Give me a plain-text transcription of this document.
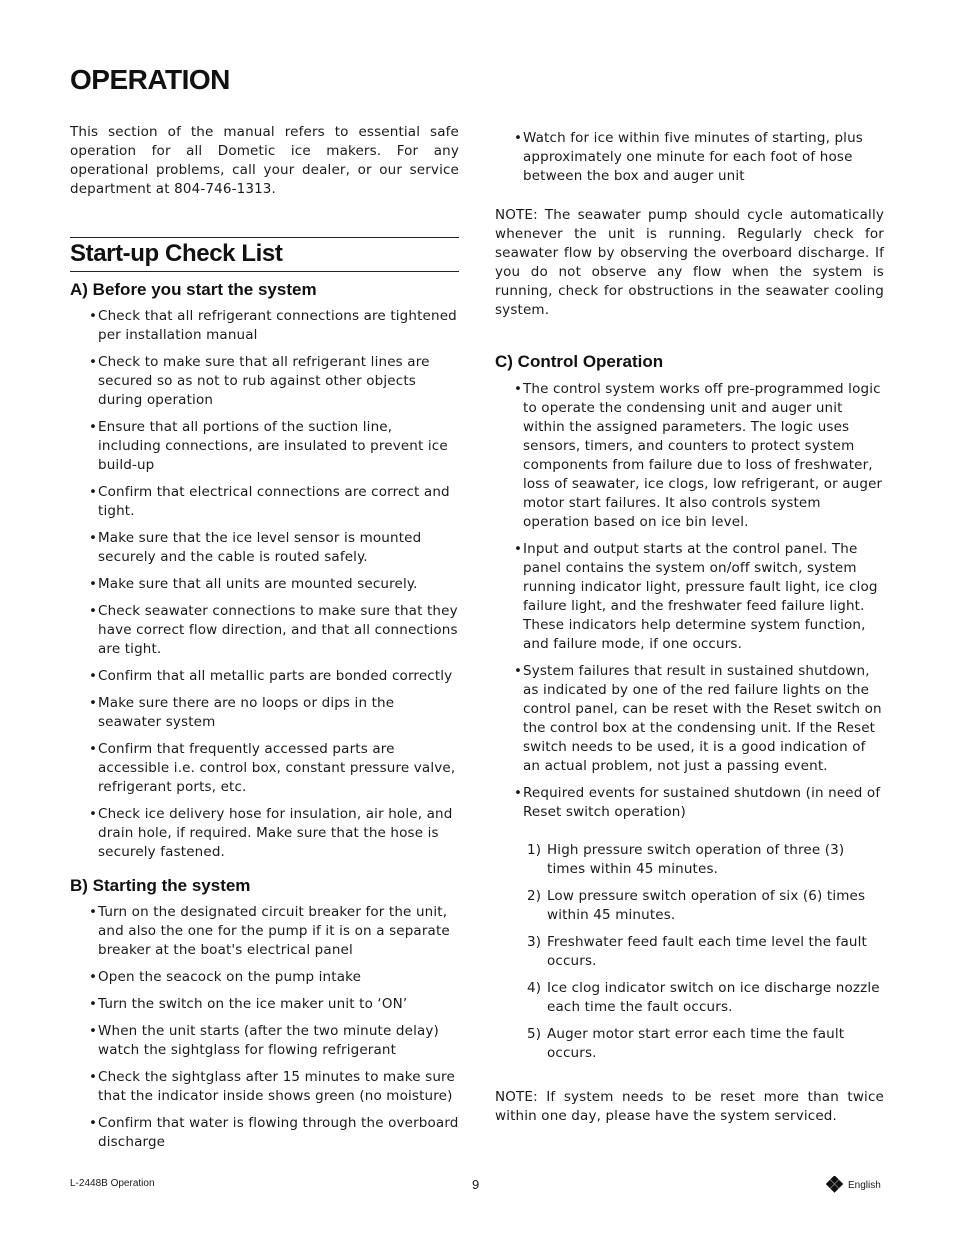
OPERATION

This section of the manual refers to essential safe operation for all Dometic ice makers. For any operational problems, call your dealer, or our service department at 804-746-1313.

Start-up Check List
A) Before you start the system
• Check that all refrigerant connections are tightened per installation manual
• Check to make sure that all refrigerant lines are secured so as not to rub against other objects during operation
• Ensure that all portions of the suction line, including connections, are insulated to prevent ice build-up
• Confirm that electrical connections are correct and tight.
• Make sure that the ice level sensor is mounted securely and the cable is routed safely.
• Make sure that all units are mounted securely.
• Check seawater connections to make sure that they have correct flow direction, and that all connections are tight.
• Confirm that all metallic parts are bonded correctly
• Make sure there are no loops or dips in the seawater system
• Confirm that frequently accessed parts are accessible i.e. control box, constant pressure valve, refrigerant ports, etc.
• Check ice delivery hose for insulation, air hole, and drain hole, if required. Make sure that the hose is securely fastened.
B) Starting the system
• Turn on the designated circuit breaker for the unit, and also the one for the pump if it is on a separate breaker at the boat's electrical panel
• Open the seacock on the pump intake
• Turn the switch on the ice maker unit to ‘ON’
• When the unit starts (after the two minute delay) watch the sightglass for flowing refrigerant
• Check the sightglass after 15 minutes to make sure that the indicator inside shows green (no moisture)
• Confirm that water is flowing through the overboard discharge
• Watch for ice within five minutes of starting, plus approximately one minute for each foot of hose between the box and auger unit

NOTE: The seawater pump should cycle automatically whenever the unit is running. Regularly check for seawater flow by observing the overboard discharge. If you do not observe any flow when the system is running, check for obstructions in the seawater cooling system.

C) Control Operation
• The control system works off pre-programmed logic to operate the condensing unit and auger unit within the assigned parameters. The logic uses sensors, timers, and counters to protect system components from failure due to loss of freshwater, loss of seawater, ice clogs, low refrigerant, or auger motor start failures. It also controls system operation based on ice bin level.
• Input and output starts at the control panel. The panel contains the system on/off switch, system running indicator light, pressure fault light, ice clog failure light, and the freshwater feed failure light. These indicators help determine system function, and failure mode, if one occurs.
• System failures that result in sustained shutdown, as indicated by one of the red failure lights on the control panel, can be reset with the Reset switch on the control box at the condensing unit. If the Reset switch needs to be used, it is a good indication of an actual problem, not just a passing event.
• Required events for sustained shutdown (in need of Reset switch operation)
1) High pressure switch operation of three (3) times within 45 minutes.
2) Low pressure switch operation of six (6) times within 45 minutes.
3) Freshwater feed fault each time level the fault occurs.
4) Ice clog indicator switch on ice discharge nozzle each time the fault occurs.
5) Auger motor start error each time the fault occurs.

NOTE: If system needs to be reset more than twice within one day, please have the system serviced.

L-2448B Operation	9	English
